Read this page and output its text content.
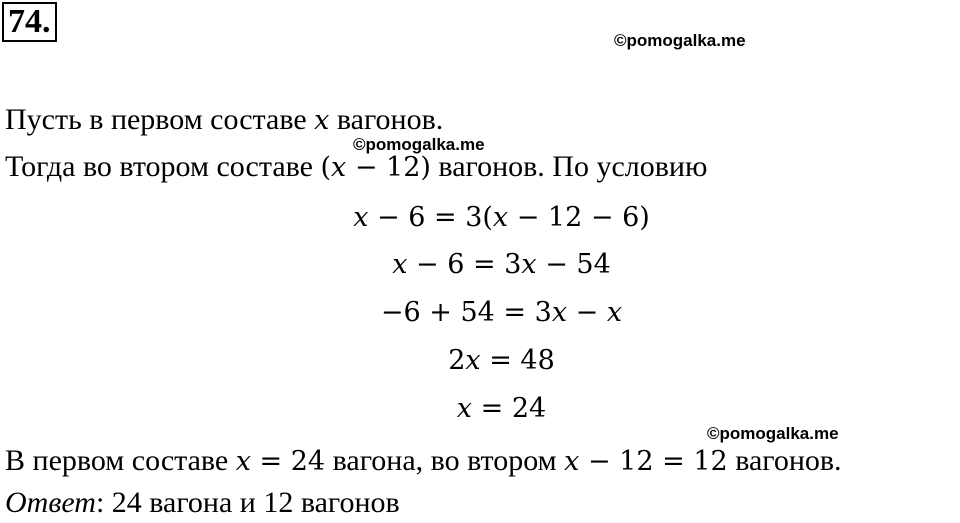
74.
©pomogalka.me
©pomogalka.me
©pomogalka.me
Пусть в первом составе x вагонов.
Тогда во втором составе (x − 12) вагонов. По условию
x − 6 = 3(x − 12 − 6)
x − 6 = 3x − 54
−6 + 54 = 3x − x
2x = 48
x = 24
В первом составе x = 24 вагона, во втором x − 12 = 12 вагонов.
Ответ: 24 вагона и 12 вагонов
